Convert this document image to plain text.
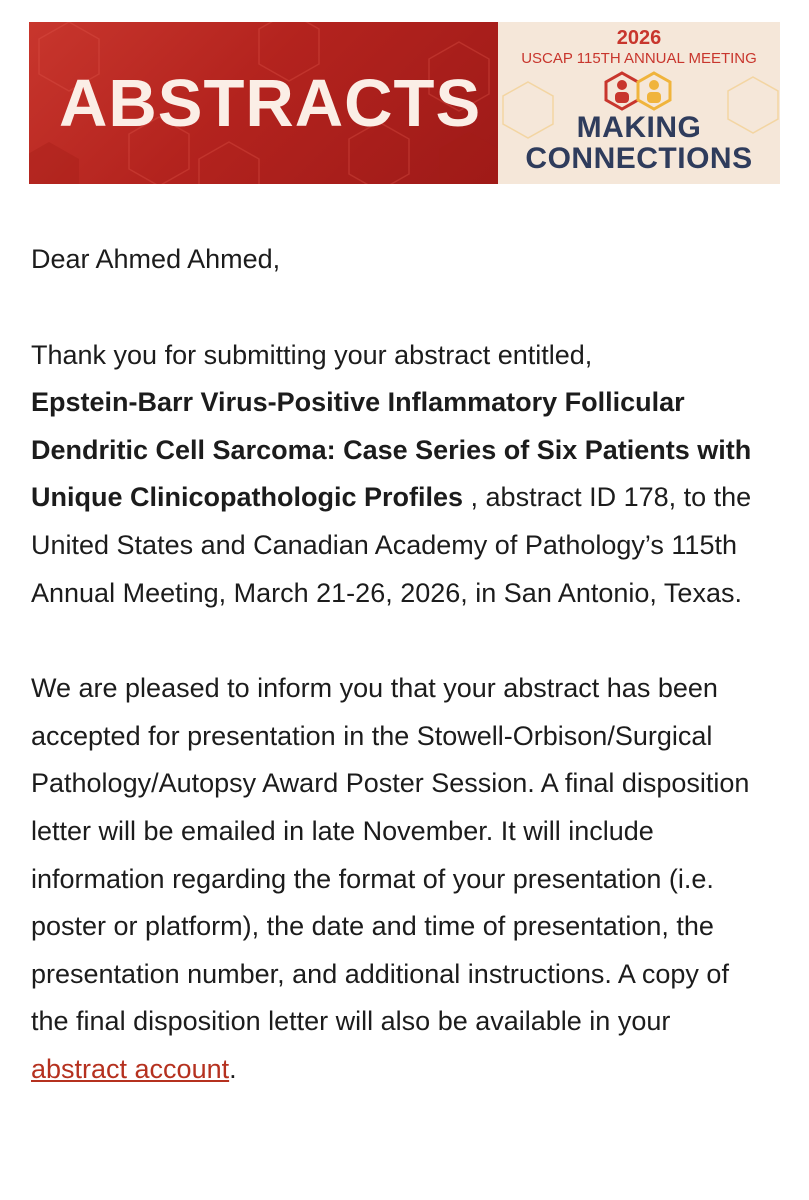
ABSTRACTS
2026
USCAP 115TH ANNUAL MEETING
MAKING
CONNECTIONS

Dear Ahmed Ahmed,

Thank you for submitting your abstract entitled,
Epstein-Barr Virus-Positive Inflammatory Follicular Dendritic Cell Sarcoma: Case Series of Six Patients with Unique Clinicopathologic Profiles , abstract ID 178, to the United States and Canadian Academy of Pathology’s 115th Annual Meeting, March 21-26, 2026, in San Antonio, Texas.

We are pleased to inform you that your abstract has been accepted for presentation in the Stowell-Orbison/Surgical Pathology/Autopsy Award Poster Session. A final disposition letter will be emailed in late November. It will include information regarding the format of your presentation (i.e. poster or platform), the date and time of presentation, the presentation number, and additional instructions. A copy of the final disposition letter will also be available in your abstract account.
